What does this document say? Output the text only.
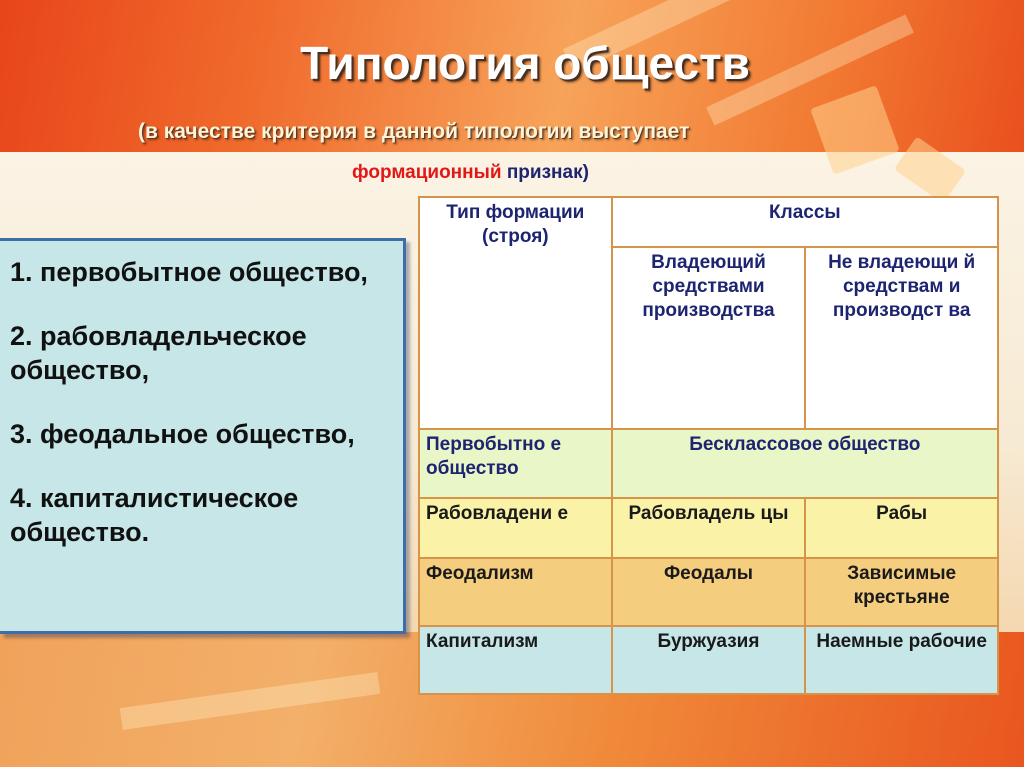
Типология обществ
(в качестве критерия в данной типологии выступает
формационный признак)
1. первобытное общество,
2. рабовладельческое общество,
3. феодальное общество,
4. капиталистическое общество.
Тип формации (строя)	Классы	
	Владеющий средствами производства	Не владеющи й средствам и производст ва
Первобытно е общество	Бесклассовое общество	
Рабовладени е	Рабовладель цы	Рабы
Феодализм	Феодалы	Зависимые крестьяне
Капитализм	Буржуазия	Наемные рабочие
